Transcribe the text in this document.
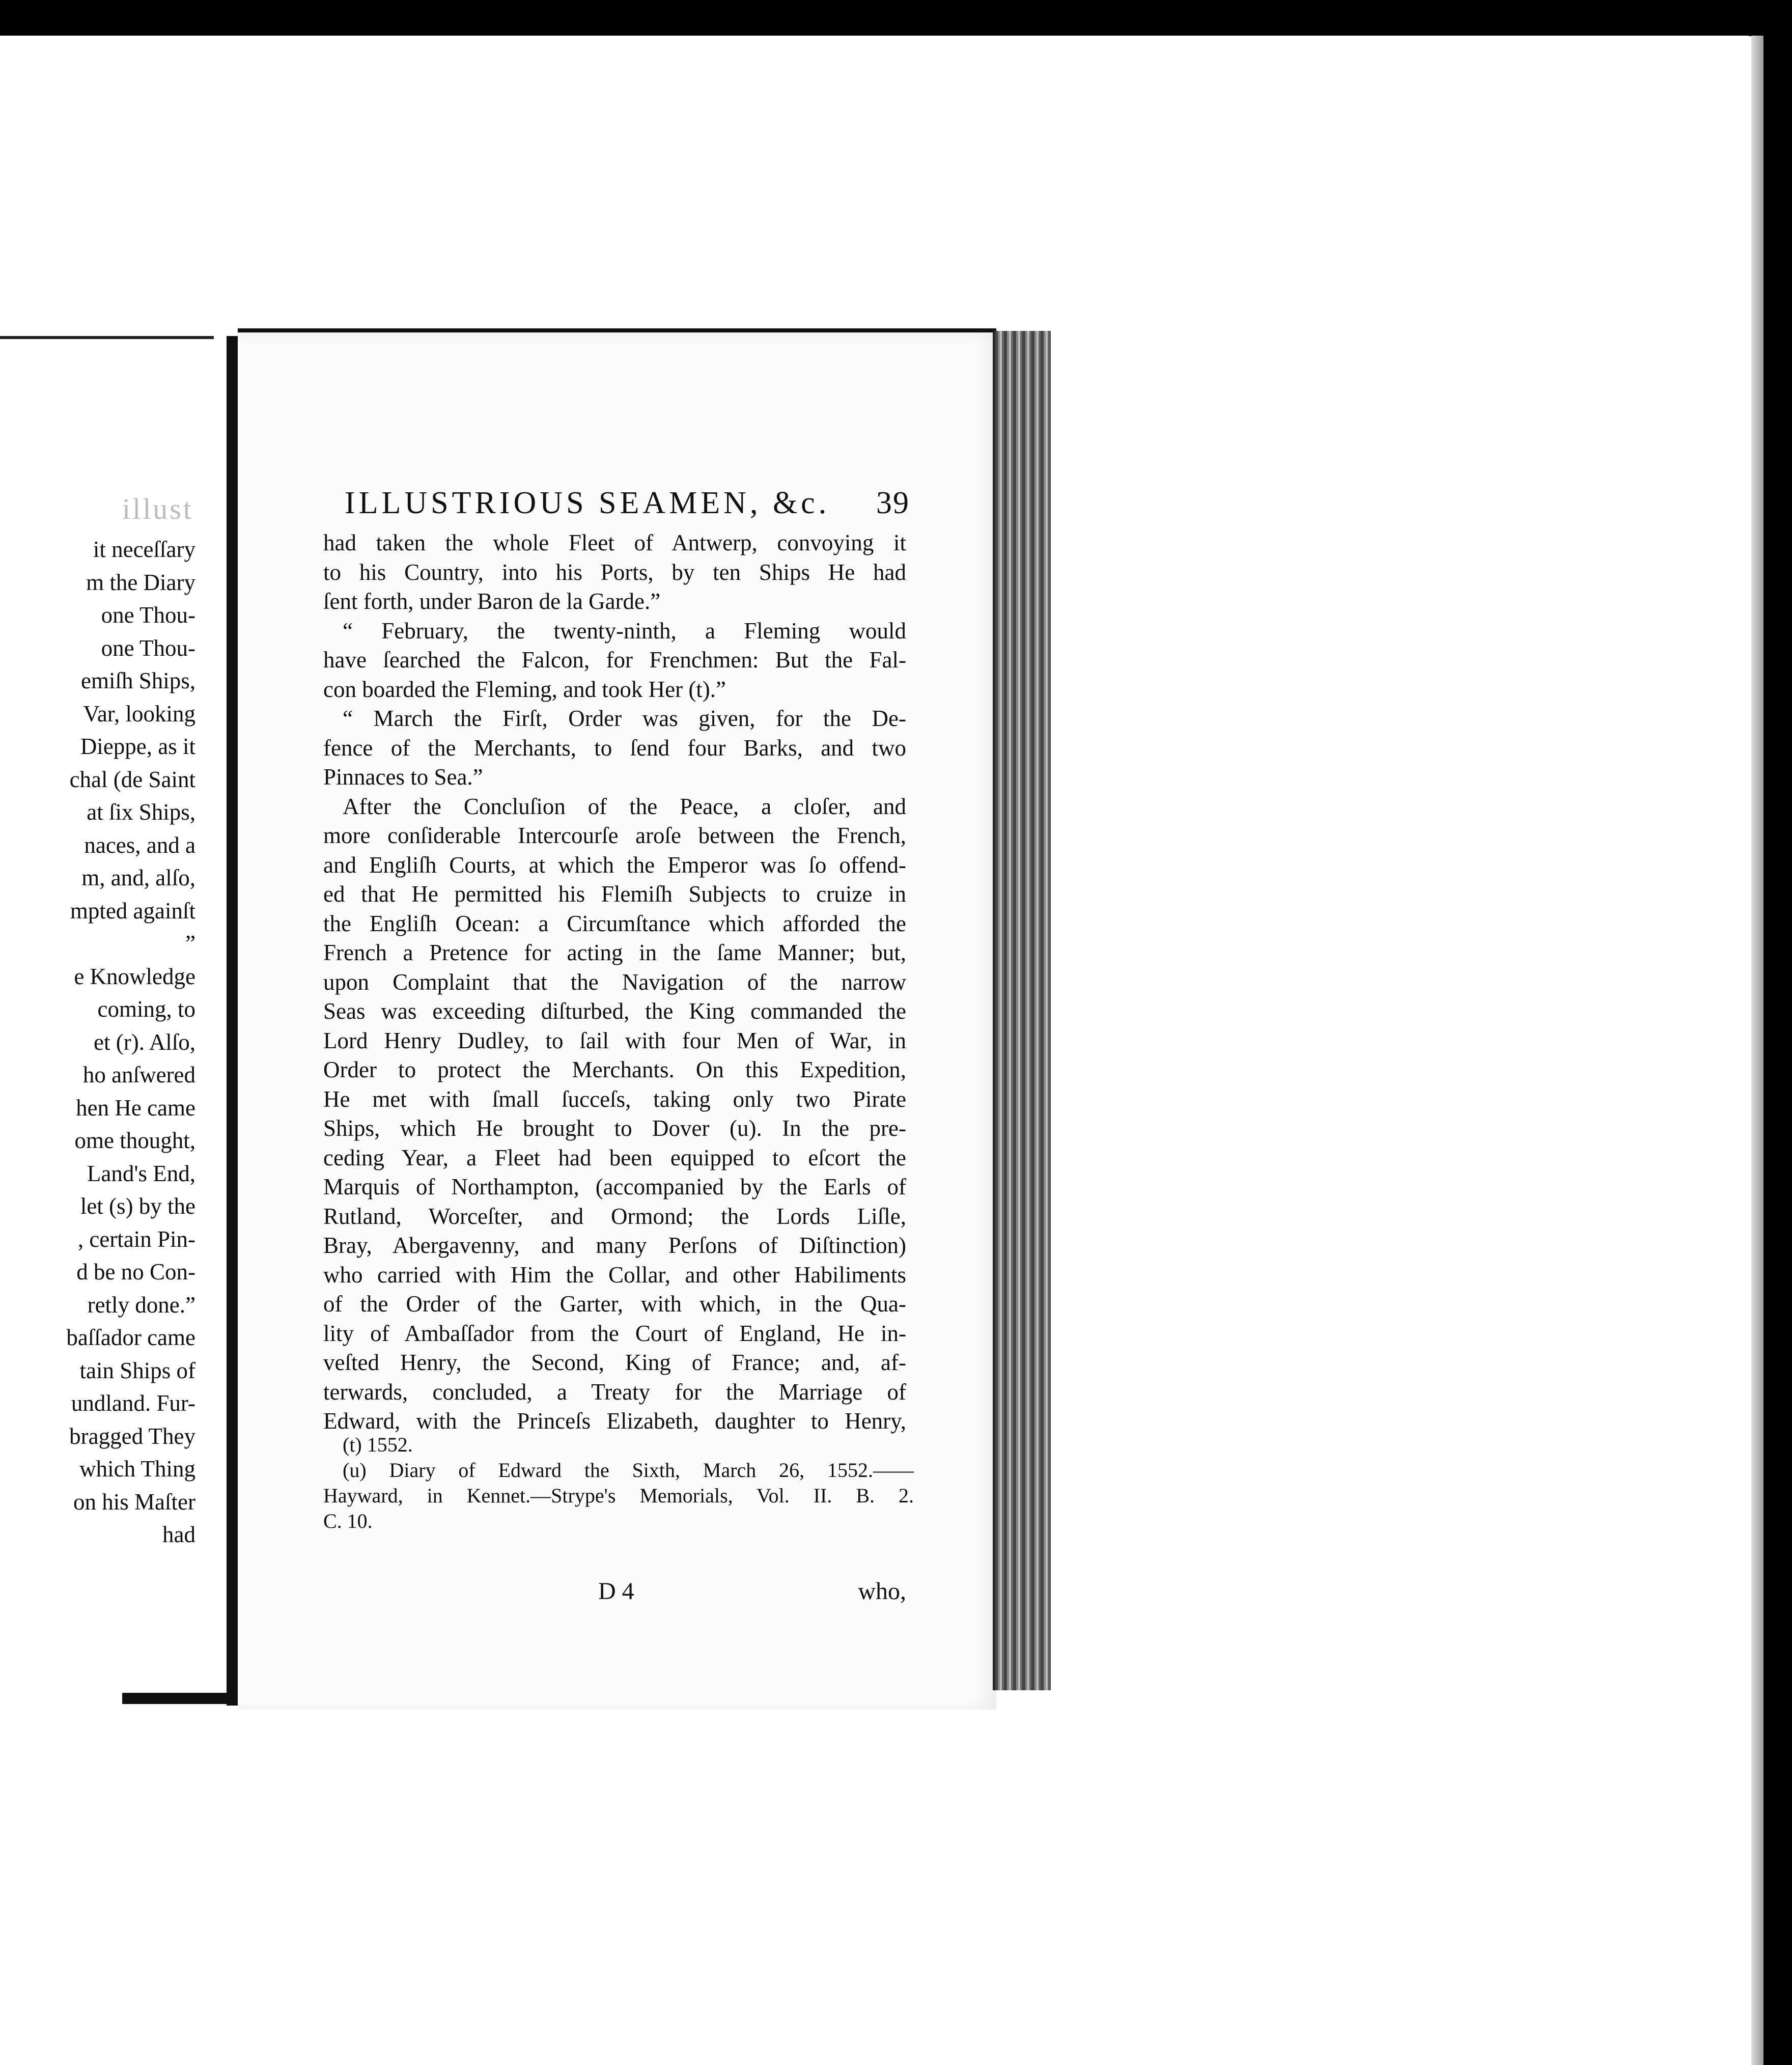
illust
it neceſſary
m the Diary
one Thou-
one Thou-
emiſh Ships,
Var, looking
Dieppe, as it
chal (de Saint
at ſix Ships,
naces, and a
m, and, alſo,
mpted againſt
”
e Knowledge
coming, to
et (r). Alſo,
ho anſwered
hen He came
ome thought,
Land's End,
let (s) by the
, certain Pin-
d be no Con-
retly done.”
baſſador came
tain Ships of
undland. Fur-
bragged They
which Thing
on his Maſter
had
ILLUSTRIOUS SEAMEN, &c. 39
had taken the whole Fleet of Antwerp, convoying it
to his Country, into his Ports, by ten Ships He had
ſent forth, under Baron de la Garde.”
“ February, the twenty-ninth, a Fleming would
have ſearched the Falcon, for Frenchmen: But the Fal-
con boarded the Fleming, and took Her (t).”
“ March the Firſt, Order was given, for the De-
fence of the Merchants, to ſend four Barks, and two
Pinnaces to Sea.”
After the Concluſion of the Peace, a cloſer, and
more conſiderable Intercourſe aroſe between the French,
and Engliſh Courts, at which the Emperor was ſo offend-
ed that He permitted his Flemiſh Subjects to cruize in
the Engliſh Ocean: a Circumſtance which afforded the
French a Pretence for acting in the ſame Manner; but,
upon Complaint that the Navigation of the narrow
Seas was exceeding diſturbed, the King commanded the
Lord Henry Dudley, to ſail with four Men of War, in
Order to protect the Merchants. On this Expedition,
He met with ſmall ſucceſs, taking only two Pirate
Ships, which He brought to Dover (u). In the pre-
ceding Year, a Fleet had been equipped to eſcort the
Marquis of Northampton, (accompanied by the Earls of
Rutland, Worceſter, and Ormond; the Lords Liſle,
Bray, Abergavenny, and many Perſons of Diſtinction)
who carried with Him the Collar, and other Habiliments
of the Order of the Garter, with which, in the Qua-
lity of Ambaſſador from the Court of England, He in-
veſted Henry, the Second, King of France; and, af-
terwards, concluded, a Treaty for the Marriage of
Edward, with the Princeſs Elizabeth, daughter to Henry,
D 4	who,
(t) 1552.
(u) Diary of Edward the Sixth, March 26, 1552.——
Hayward, in Kennet.—Strype's Memorials, Vol. II. B. 2.
C. 10.
